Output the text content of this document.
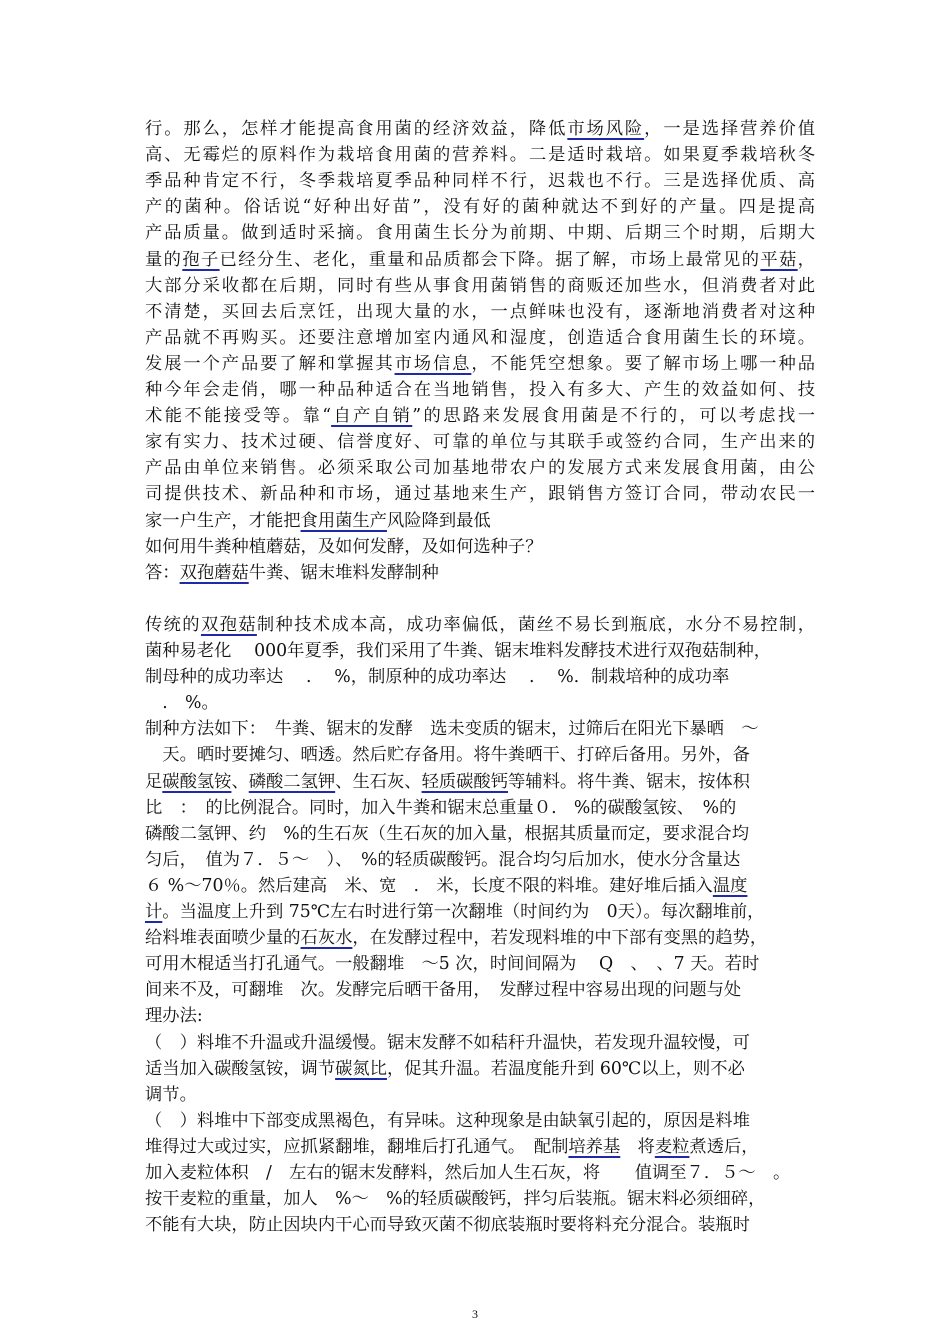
行。那么，怎样才能提高食用菌的经济效益，降低市场风险，一是选择营养价值
高、无霉烂的原料作为栽培食用菌的营养料。二是适时栽培。如果夏季栽培秋冬
季品种肯定不行，冬季栽培夏季品种同样不行，迟栽也不行。三是选择优质、高
产的菌种。俗话说“好种出好苗”，没有好的菌种就达不到好的产量。四是提高
产品质量。做到适时采摘。食用菌生长分为前期、中期、后期三个时期，后期大
量的孢子已经分生、老化，重量和品质都会下降。据了解，市场上最常见的平菇，
大部分采收都在后期，同时有些从事食用菌销售的商贩还加些水，但消费者对此
不清楚，买回去后烹饪，出现大量的水，一点鲜味也没有，逐渐地消费者对这种
产品就不再购买。还要注意增加室内通风和湿度，创造适合食用菌生长的环境。
发展一个产品要了解和掌握其市场信息，不能凭空想象。要了解市场上哪一种品
种今年会走俏，哪一种品种适合在当地销售，投入有多大、产生的效益如何、技
术能不能接受等。靠“自产自销”的思路来发展食用菌是不行的，可以考虑找一
家有实力、技术过硬、信誉度好、可靠的单位与其联手或签约合同，生产出来的
产品由单位来销售。必须采取公司加基地带农户的发展方式来发展食用菌，由公
司提供技术、新品种和市场，通过基地来生产，跟销售方签订合同，带动农民一
家一户生产，才能把食用菌生产风险降到最低
如何用牛粪种植蘑菇，及如何发酵，及如何选种子？
答：双孢蘑菇牛粪、锯末堆料发酵制种
传统的双孢菇制种技术成本高，成功率偏低，菌丝不易长到瓶底，水分不易控制，
菌种易老化　 000年夏季，我们采用了牛粪、锯末堆料发酵技术进行双孢菇制种，
制母种的成功率达　 .　 %，制原种的成功率达　 .　 %．制栽培种的成功率
　.　%。
制种方法如下：　牛粪、锯末的发酵　选未变质的锯末，过筛后在阳光下暴晒　～
　天。晒时要摊匀、晒透。然后贮存备用。将牛粪晒干、打碎后备用。另外，备
足碳酸氢铵、磷酸二氢钾、生石灰、轻质碳酸钙等辅料。将牛粪、锯末，按体积
比　：　的比例混合。同时，加入牛粪和锯末总重量０.　%的碳酸氢铵、　%的
磷酸二氢钾、约　%的生石灰（生石灰的加入量，根据其质量而定，要求混合均
匀后，　值为７．５～　）、　%的轻质碳酸钙。混合均匀后加水，使水分含量达
６ %～70％。然后建高　米、宽　.　米，长度不限的料堆。建好堆后插入温度
计。当温度上升到 75℃左右时进行第一次翻堆（时间约为　0天）。每次翻堆前，
给料堆表面喷少量的石灰水，在发酵过程中，若发现料堆的中下部有变黑的趋势，
可用木棍适当打孔通气。一般翻堆　～5 次，时间间隔为　 Q　、　、7 天。若时
间来不及，可翻堆　次。发酵完后晒干备用，　发酵过程中容易出现的问题与处
理办法:
（　）料堆不升温或升温缓慢。锯末发酵不如秸秆升温快，若发现升温较慢，可
适当加入碳酸氢铵，调节碳氮比，促其升温。若温度能升到 60℃以上，则不必
调节。
（　）料堆中下部变成黑褐色，有异味。这种现象是由缺氧引起的，原因是料堆
堆得过大或过实，应抓紧翻堆，翻堆后打孔通气。　配制培养基　将麦粒煮透后，
加入麦粒体积　/　左右的锯末发酵料，然后加人生石灰，将　　值调至７．５～　。
按干麦粒的重量，加人　%～　%的轻质碳酸钙，拌匀后装瓶。锯末料必须细碎，
不能有大块，防止因块内干心而导致灭菌不彻底装瓶时要将料充分混合。装瓶时
3
